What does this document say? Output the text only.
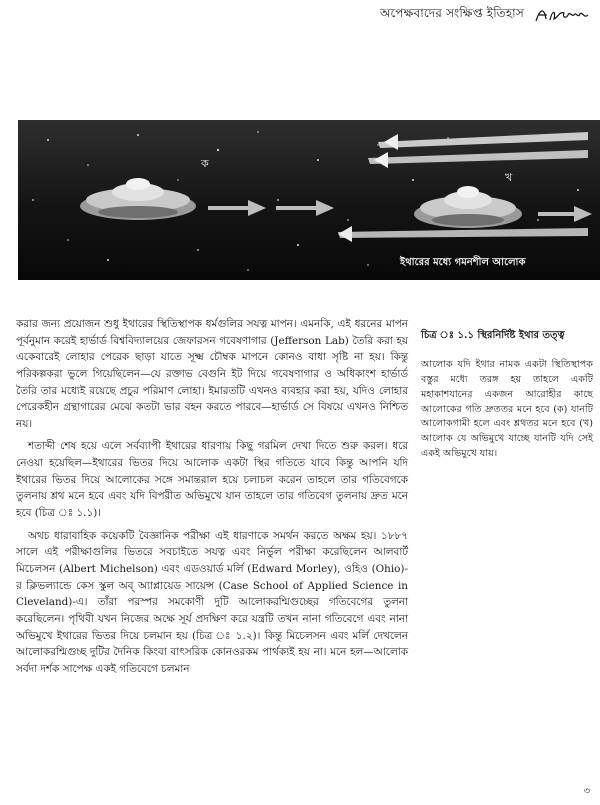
অপেক্ষবাদের সংক্ষিপ্ত ইতিহাস
ক
খ
ইথারের মধ্যে গমনশীল আলোক
চিত্র ঃ ১.১ স্থিরনির্দিষ্ট ইথার তত্ত্ব
আলোক যদি ইথার নামক একটা স্থিতিস্থাপক বস্তুর মধ্যে তরঙ্গ হয় তাহলে একটি মহাকাশযানের একজন আরোহীর কাছে আলোকের গতি দ্রুততর মনে হবে (ক) যানটি আলোকগামী হলে এবং শ্লথতর মনে হবে (খ) আলোক যে অভিমুখে যাচ্ছে যানটি যদি সেই একই অভিমুখে যায়।

করার জন্য প্রয়োজন শুধু ইথারের স্থিতিস্থাপক ধর্মগুলির সযত্ন মাপন। এমনকি, এই ধরনের মাপন পূর্বনুমান করেই হার্ভার্ড বিশ্ববিদ্যালয়ের জেফারসন গবেষণাগার (Jefferson Lab) তৈরি করা হয় একেবারেই লোহার পেরেক ছাড়া যাতে সূক্ষ্ম চৌম্বক মাপনে কোনও বাধা সৃষ্টি না হয়। কিন্তু পরিকল্পকরা ভুলে গিয়েছিলেন—যে রক্তাভ বেগুনি ইট দিয়ে গবেষণাগার ও অধিকাংশ হার্ভার্ড তৈরি তার মধ্যেই রয়েছে প্রচুর পরিমাণ লোহা। ইমারতটি এখনও ব্যবহার করা হয়, যদিও লোহার পেরেকহীন গ্রন্থাগারের মেঝে কতটা ভার বহন করতে পারবে—হার্ভার্ড সে বিষয়ে এখনও নিশ্চিত নয়।

শতাব্দী শেষ হয়ে এলে সর্বব্যাপী ইথারের ধারণায় কিছু গরমিল দেখা দিতে শুরু করল। ধরে নেওয়া হয়েছিল—ইথারের ভিতর দিয়ে আলোক একটা স্থির গতিতে যাবে কিন্তু আপনি যদি ইথারের ভিতর দিয়ে আলোকের সঙ্গে সমান্তরাল হয়ে চলাচল করেন তাহলে তার গতিবেগকে তুলনায় শ্লথ মনে হবে এবং যদি বিপরীত অভিমুখে যান তাহলে তার গতিবেগ তুলনায় দ্রুত মনে হবে (চিত্র ঃ ১.১)।

অথচ ধারাবাহিক কয়েকটি বৈজ্ঞানিক পরীক্ষা এই ধারণাকে সমর্থন করতে অক্ষম হয়। ১৮৮৭ সালে এই পরীক্ষাগুলির ভিতরে সবচাইতে সযত্ন এবং নির্ভুল পরীক্ষা করেছিলেন আলবার্ট মিচেলসন (Albert Michelson) এবং এডওয়ার্ড মর্লি (Edward Morley), ওহিও (Ohio)-র ক্লিভল্যান্ডে কেস স্কুল অব্ অ্যাপ্লায়েড সায়েন্স (Case School of Applied Science in Cleveland)-এ। তাঁরা পরস্পর সমকোণী দুটি আলোকরশ্মিগুচ্ছের গতিবেগের তুলনা করেছিলেন। পৃথিবী যখন নিজের অক্ষে সূর্য প্রদক্ষিণ করে যন্ত্রটি তখন নানা গতিবেগে এবং নানা অভিমুখে ইথারের ভিতর দিয়ে চলমান হয় (চিত্র ঃ ১.২)। কিন্তু মিচেলসন এবং মর্লি দেখলেন আলোকরশ্মিগুচ্ছ দুটির দৈনিক কিংবা বাৎসরিক কোনওরকম পার্থক্যই হয় না। মনে হল—আলোক সর্বদা দর্শক সাপেক্ষ একই গতিবেগে চলমান

৩
